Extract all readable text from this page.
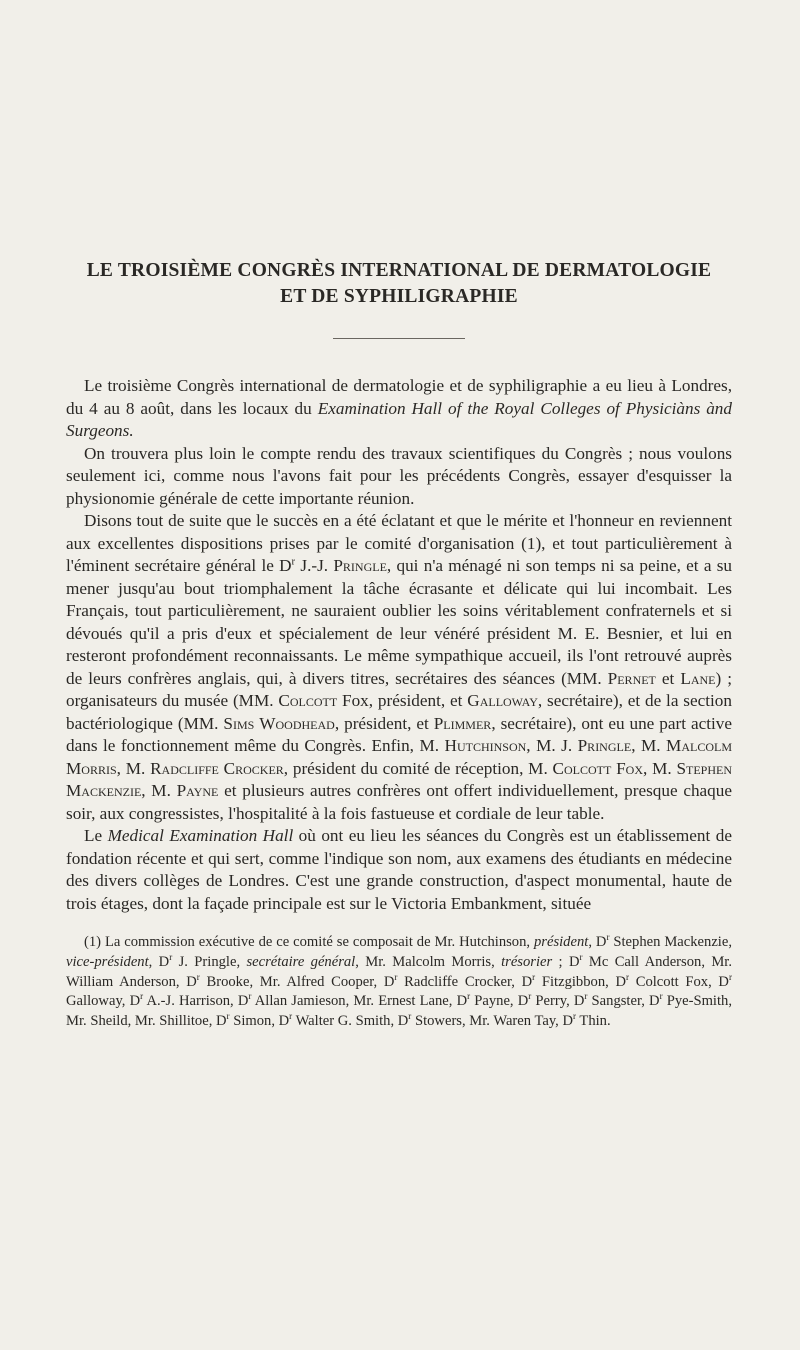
LE TROISIÈME CONGRÈS INTERNATIONAL DE DERMATOLOGIE
ET DE SYPHILIGRAPHIE

Le troisième Congrès international de dermatologie et de syphiligraphie a eu lieu à Londres, du 4 au 8 août, dans les locaux du Examination Hall of the Royal Colleges of Physiciàns ànd Surgeons.

On trouvera plus loin le compte rendu des travaux scientifiques du Congrès ; nous voulons seulement ici, comme nous l'avons fait pour les précédents Congrès, essayer d'esquisser la physionomie générale de cette importante réunion.

Disons tout de suite que le succès en a été éclatant et que le mérite et l'honneur en reviennent aux excellentes dispositions prises par le comité d'organisation (1), et tout particulièrement à l'éminent secrétaire général le $D^r$ J.-J. Pringle, qui n'a ménagé ni son temps ni sa peine, et a su mener jusqu'au bout triomphalement la tâche écrasante et délicate qui lui incombait. Les Français, tout particulièrement, ne sauraient oublier les soins véritablement confraternels et si dévoués qu'il a pris d'eux et spécialement de leur vénéré président M. E. Besnier, et lui en resteront profondément reconnaissants. Le même sympathique accueil, ils l'ont retrouvé auprès de leurs confrères anglais, qui, à divers titres, secrétaires des séances (MM. Pernet et Lane) ; organisateurs du musée (MM. Colcott Fox, président, et Galloway, secrétaire), et de la section bactériologique (MM. Sims Woodhead, président, et Plimmer, secrétaire), ont eu une part active dans le fonctionnement même du Congrès. Enfin, M. Hutchinson, M. J. Pringle, M. Malcolm Morris, M. Radcliffe Crocker, président du comité de réception, M. Colcott Fox, M. Stephen Mackenzie, M. Payne et plusieurs autres confrères ont offert individuellement, presque chaque soir, aux congressistes, l'hospitalité à la fois fastueuse et cordiale de leur table.

Le Medical Examination Hall où ont eu lieu les séances du Congrès est un établissement de fondation récente et qui sert, comme l'indique son nom, aux examens des étudiants en médecine des divers collèges de Londres. C'est une grande construction, d'aspect monumental, haute de trois étages, dont la façade principale est sur le Victoria Embankment, située

(1) La commission exécutive de ce comité se composait de Mr. Hutchinson, président, $D^r$ Stephen Mackenzie, vice-président, $D^r$ J. Pringle, secrétaire général, Mr. Malcolm Morris, trésorier ; $D^r$ Mc Call Anderson, Mr. William Anderson, $D^r$ Brooke, Mr. Alfred Cooper, $D^r$ Radcliffe Crocker, $D^r$ Fitzgibbon, $D^r$ Colcott Fox, $D^r$ Galloway, $D^r$ A.-J. Harrison, $D^r$ Allan Jamieson, Mr. Ernest Lane, $D^r$ Payne, $D^r$ Perry, $D^r$ Sangster, $D^r$ Pye-Smith, Mr. Sheild, Mr. Shillitoe, $D^r$ Simon, $D^r$ Walter G. Smith, $D^r$ Stowers, Mr. Waren Tay, $D^r$ Thin.
